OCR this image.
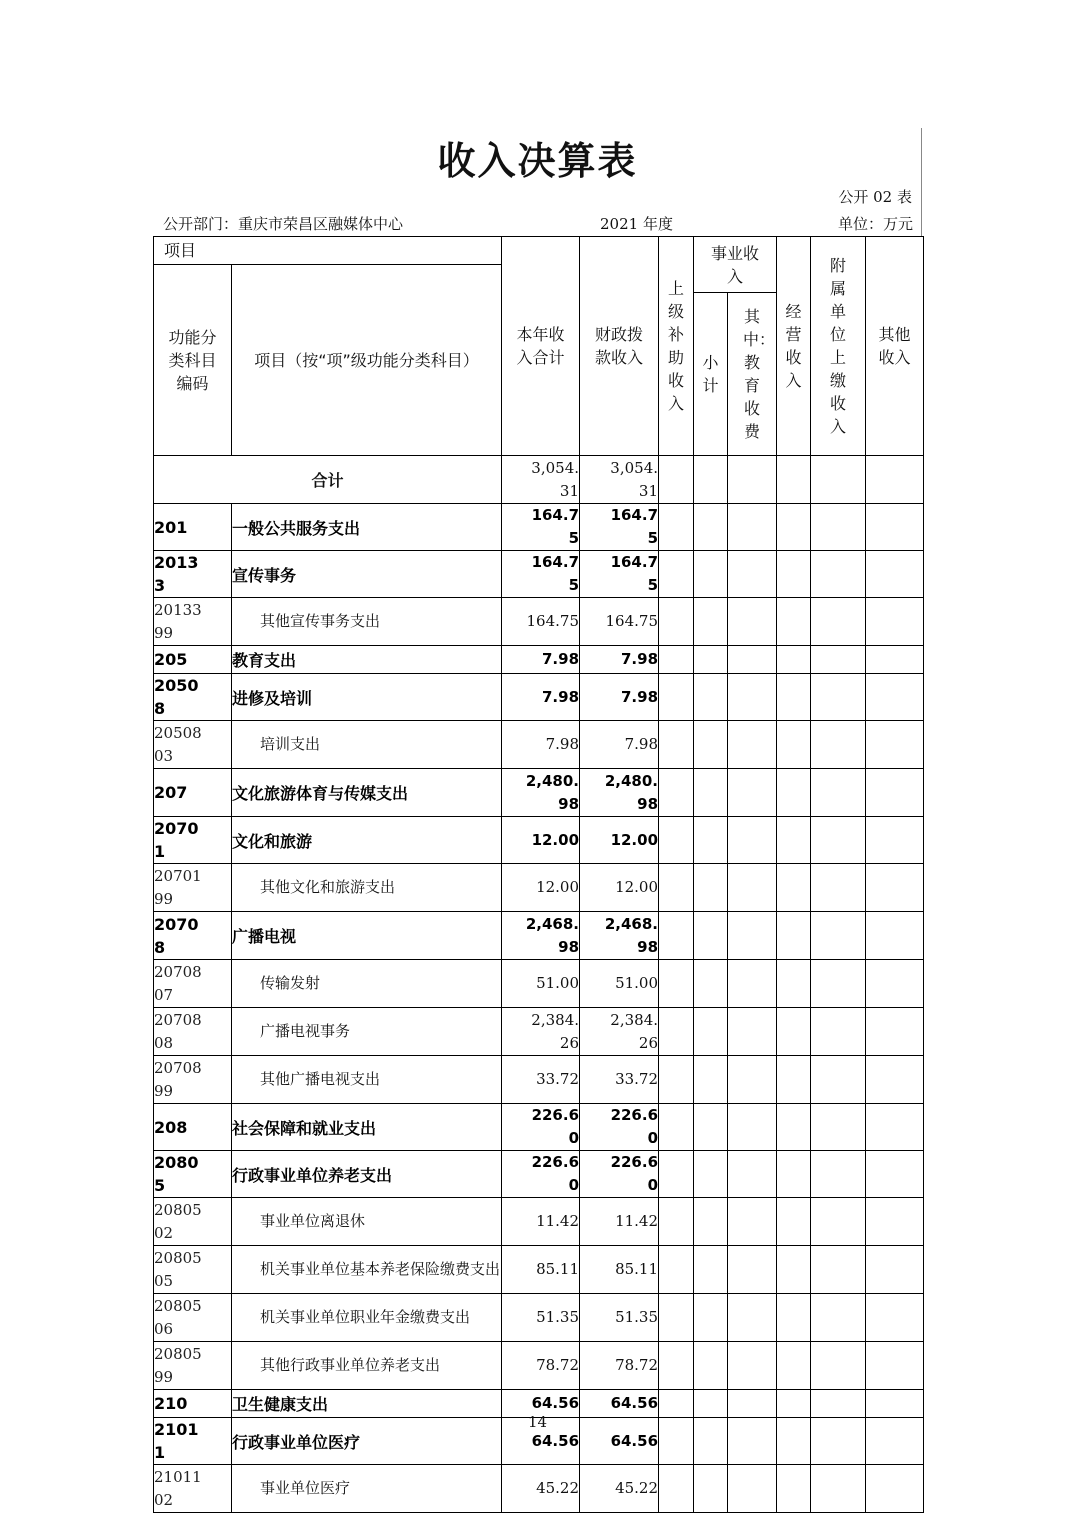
收入决算表
公开 02 表
公开部门：重庆市荣昌区融媒体中心	2021 年度	单位：万元
项目		本年收入合计	财政拨款收入	上级补助收入	事业收入		经营收入	附属单位上缴收入	其他收入

功能分类科目编码	项目（按“项”级功能分类科目）								

					小计	其中：教育收费			

合计		3,054.31	3,054.31						

201	一般公共服务支出	164.75	164.75						

20133	宣传事务	164.75	164.75						

2013399	其他宣传事务支出	164.75	164.75						

205	教育支出	7.98	7.98						

20508	进修及培训	7.98	7.98						

2050803	培训支出	7.98	7.98						

207	文化旅游体育与传媒支出	2,480.98	2,480.98						

20701	文化和旅游	12.00	12.00						

2070199	其他文化和旅游支出	12.00	12.00						

20708	广播电视	2,468.98	2,468.98						

2070807	传输发射	51.00	51.00						

2070808	广播电视事务	2,384.26	2,384.26						

2070899	其他广播电视支出	33.72	33.72						

208	社会保障和就业支出	226.60	226.60						

20805	行政事业单位养老支出	226.60	226.60						

2080502	事业单位离退休	11.42	11.42						

2080505	机关事业单位基本养老保险缴费支出	85.11	85.11						

2080506	机关事业单位职业年金缴费支出	51.35	51.35						

2080599	其他行政事业单位养老支出	78.72	78.72						

210	卫生健康支出	64.56	64.56						

21011	行政事业单位医疗	64.56	64.56						

2101102	事业单位医疗	45.22	45.22						

14
